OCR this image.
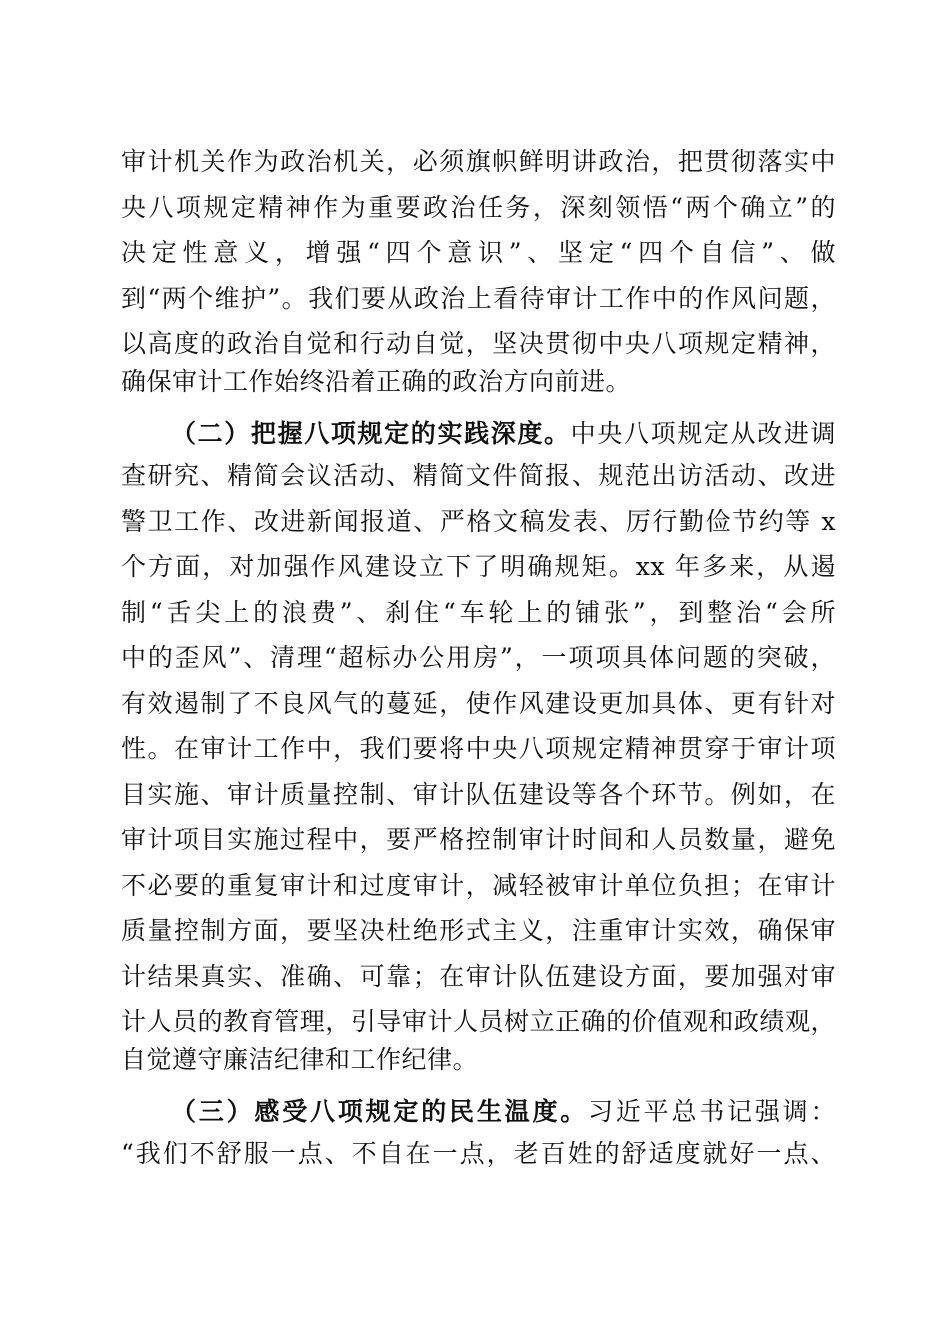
审计机关作为政治机关，必须旗帜鲜明讲政治，把贯彻落实中
央八项规定精神作为重要政治任务，深刻领悟“两个确立”的
决定性意义，增强“四个意识”、坚定“四个自信”、做
到“两个维护”。我们要从政治上看待审计工作中的作风问题，
以高度的政治自觉和行动自觉，坚决贯彻中央八项规定精神，
确保审计工作始终沿着正确的政治方向前进。
（二）把握八项规定的实践深度。中央八项规定从改进调
查研究、精简会议活动、精简文件简报、规范出访活动、改进
警卫工作、改进新闻报道、严格文稿发表、厉行勤俭节约等 x
个方面，对加强作风建设立下了明确规矩。xx 年多来，从遏
制“舌尖上的浪费”、刹住“车轮上的铺张”，到整治“会所
中的歪风”、清理“超标办公用房”，一项项具体问题的突破，
有效遏制了不良风气的蔓延，使作风建设更加具体、更有针对
性。在审计工作中，我们要将中央八项规定精神贯穿于审计项
目实施、审计质量控制、审计队伍建设等各个环节。例如，在
审计项目实施过程中，要严格控制审计时间和人员数量，避免
不必要的重复审计和过度审计，减轻被审计单位负担；在审计
质量控制方面，要坚决杜绝形式主义，注重审计实效，确保审
计结果真实、准确、可靠；在审计队伍建设方面，要加强对审
计人员的教育管理，引导审计人员树立正确的价值观和政绩观，
自觉遵守廉洁纪律和工作纪律。
（三）感受八项规定的民生温度。习近平总书记强调：
“我们不舒服一点、不自在一点，老百姓的舒适度就好一点、
